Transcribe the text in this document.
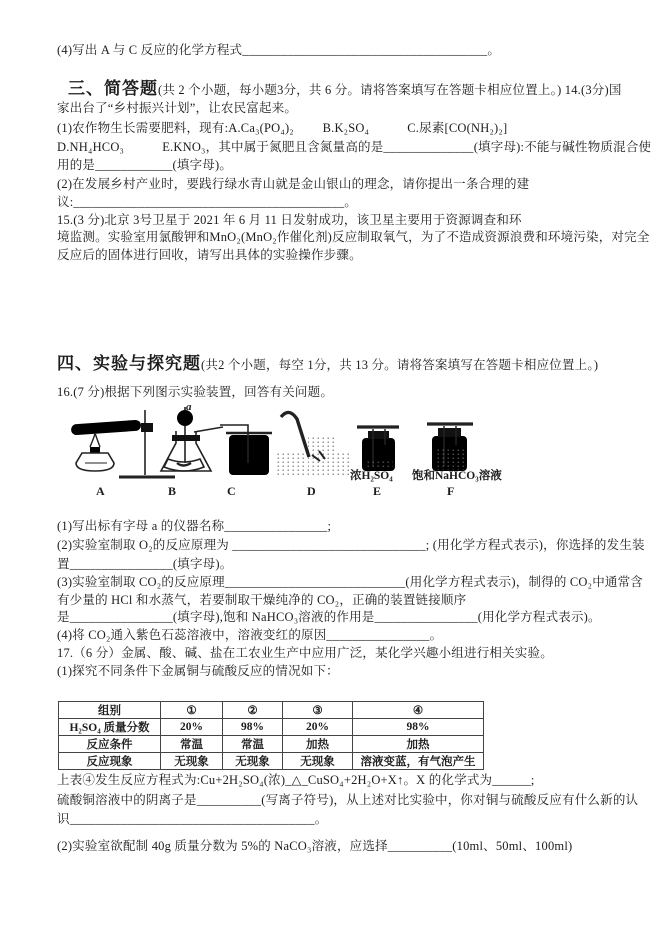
(4)写出 A 与 C 反应的化学方程式______________________________________。
三、简答题(共 2 个小题，每小题3分，共 6 分。请将答案填写在答题卡相应位置上。) 14.(3分)国
家出台了“乡村振兴计划”，让农民富起来。
(1)农作物生长需要肥料，现有:A.Ca₃(PO₄)₂　　 B.K₂SO₄　　　C.尿素[CO(NH₂)₂]
D.NH₄HCO₃　　　E.KNO₃，其中属于氮肥且含氮量高的是______________(填字母):不能与碱性物质混合使
用的是____________(填字母)。
(2)在发展乡村产业时，要践行绿水青山就是金山银山的理念，请你提出一条合理的建
议:__________________________________________。
15.(3 分)北京 3号卫星于 2021 年 6 月 11 日发射成功，该卫星主要用于资源调查和环
境监测。实验室用氯酸钾和MnO₂(MnO₂作催化剂)反应制取氧气，为了不造成资源浪费和环境污染，对完全
反应后的固体进行回收，请写出具体的实验操作步骤。
四、实验与探究题(共2 个小题，每空 1分，共 13 分。请将答案填写在答题卡相应位置上。)
16.(7 分)根据下列图示实验装置，回答有关问题。
a
浓H₂SO₄ 饱和NaHCO₃溶液
A	B	C	D	E	F
(1)写出标有字母 a 的仪器名称________________;
(2)实验室制取 O₂的反应原理为 ______________________________; (用化学方程式表示)，你选择的发生装
置________________(填字母)。
(3)实验室制取 CO₂的反应原理____________________________(用化学方程式表示)，制得的 CO₂中通常含
有少量的 HCl 和水蒸气，若要制取干燥纯净的 CO₂，正确的装置链接顺序
是________________(填字母),饱和 NaHCO₃溶液的作用是________________(用化学方程式表示)。
(4)将 CO₂通入紫色石蕊溶液中，溶液变红的原因________________。
17.（6 分）金属、酸、碱、盐在工农业生产中应用广泛，某化学兴趣小组进行相关实验。
(1)探究不同条件下金属铜与硫酸反应的情况如下：
组别	①	②	③	④
H₂SO₄ 质量分数	20%	98%	20%	98%
反应条件	常温	常温	加热	加热
反应现象	无现象	无现象	无现象	溶液变蓝，有气泡产生
上表④发生反应方程式为:Cu+2H₂SO₄(浓)_△_CuSO₄+2H₂O+X↑。X 的化学式为______;
硫酸铜溶液中的阴离子是__________(写离子符号)，从上述对比实验中，你对铜与硫酸反应有什么新的认
识______________________________________。
(2)实验室欲配制 40g 质量分数为 5%的 NaCO₃溶液，应选择__________(10ml、50ml、100ml)
